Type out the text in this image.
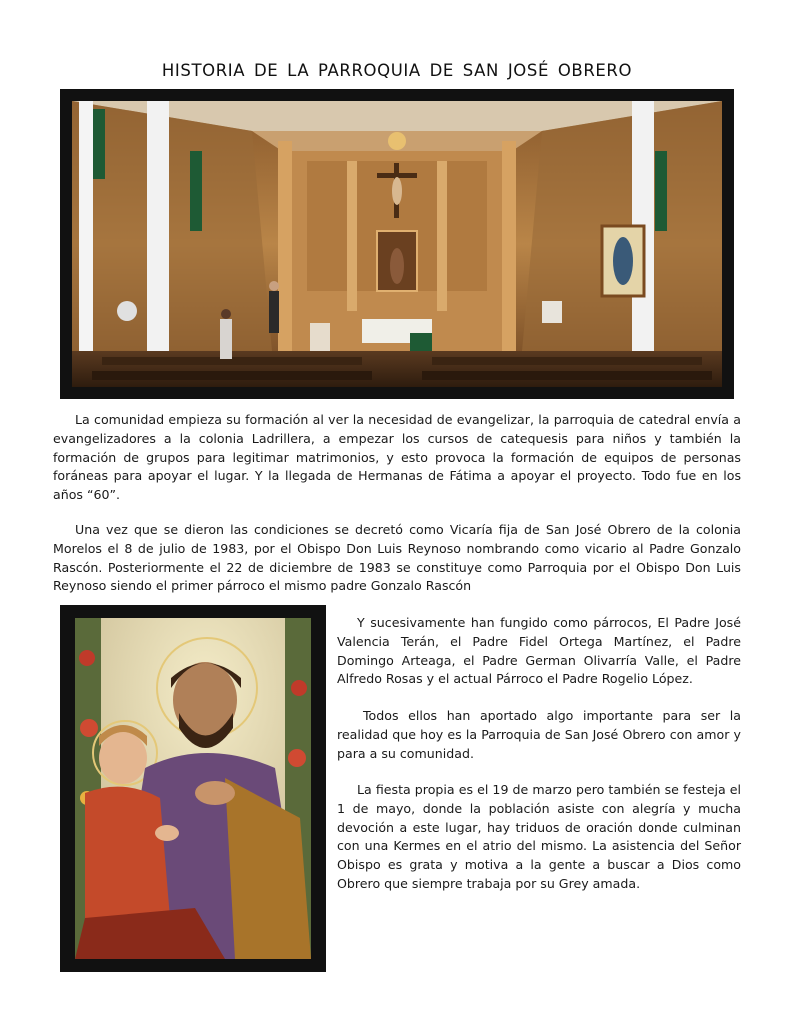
HISTORIA DE LA PARROQUIA DE SAN JOSÉ OBRERO

La comunidad empieza su formación al ver la necesidad de evangelizar, la parroquia de catedral envía a evangelizadores a la colonia Ladrillera, a empezar los cursos de catequesis para niños y también la formación de grupos para legitimar matrimonios, y esto provoca la formación de equipos de personas foráneas para apoyar el lugar. Y la llegada de Hermanas de Fátima a apoyar el proyecto. Todo fue en los años “60”.

Una vez que se dieron las condiciones se decretó como Vicaría fija de San José Obrero de la colonia Morelos el 8 de julio de 1983, por el Obispo Don Luis Reynoso nombrando como vicario al Padre Gonzalo Rascón. Posteriormente el 22 de diciembre de 1983 se constituye como Parroquia por el Obispo Don Luis Reynoso siendo el primer párroco el mismo padre Gonzalo Rascón

Y sucesivamente han fungido como párrocos, El Padre José Valencia Terán, el Padre Fidel Ortega Martínez, el Padre Domingo Arteaga, el Padre German Olivarría Valle, el Padre Alfredo Rosas y el actual Párroco el Padre Rogelio López.

Todos ellos han aportado algo importante para ser la realidad que hoy es la Parroquia de San José Obrero con amor y para a su comunidad.

La fiesta propia es el 19 de marzo pero también se festeja el 1 de mayo, donde la población asiste con alegría y mucha devoción a este lugar, hay triduos de oración donde culminan con una Kermes en el atrio del mismo. La asistencia del Señor Obispo es grata y motiva a la gente a buscar a Dios como Obrero que siempre trabaja por su Grey amada.
